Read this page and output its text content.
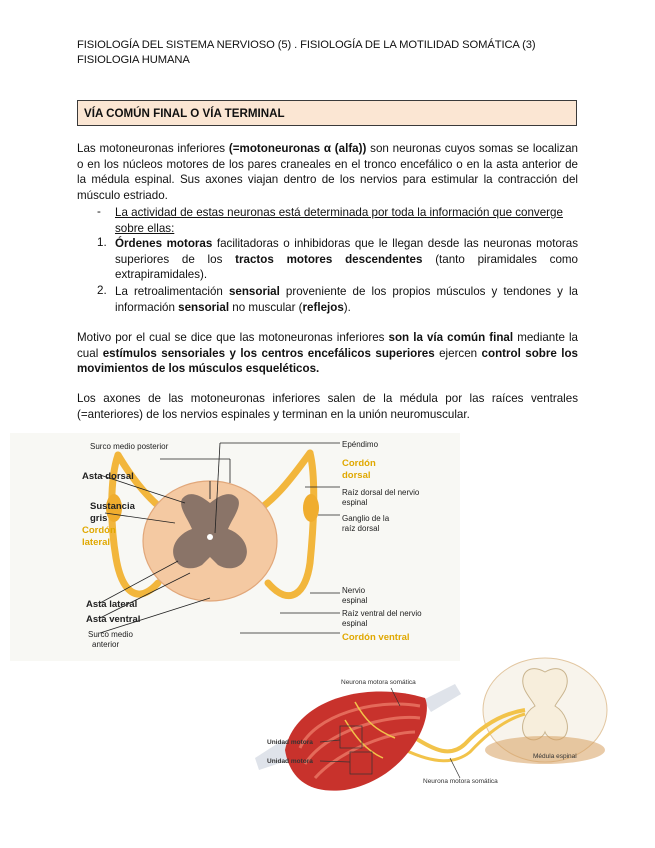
FISIOLOGÍA DEL SISTEMA NERVIOSO (5) . FISIOLOGÍA DE LA MOTILIDAD SOMÁTICA (3)
FISIOLOGIA HUMANA
VÍA COMÚN FINAL O VÍA TERMINAL
Las motoneuronas inferiores (=motoneuronas α (alfa)) son neuronas cuyos somas se localizan o en los núcleos motores de los pares craneales en el tronco encefálico o en la asta anterior de la médula espinal. Sus axones viajan dentro de los nervios para estimular la contracción del músculo estriado.
- La actividad de estas neuronas está determinada por toda la información que converge sobre ellas:
1. Órdenes motoras facilitadoras o inhibidoras que le llegan desde las neuronas motoras superiores de los tractos motores descendentes (tanto piramidales como extrapiramidales).
2. La retroalimentación sensorial proveniente de los propios músculos y tendones y la información sensorial no muscular (reflejos).
Motivo por el cual se dice que las motoneuronas inferiores son la vía común final mediante la cual estímulos sensoriales y los centros encefálicos superiores ejercen control sobre los movimientos de los músculos esqueléticos.
Los axones de las motoneuronas inferiores salen de la médula por las raíces ventrales (=anteriores) de los nervios espinales y terminan en la unión neuromuscular.
Surco medio posterior
Asta dorsal
Sustancia
gris
Cordón
lateral
Asta lateral
Asta ventral
Surco medio
anterior
Epéndimo
Cordón
dorsal
Raíz dorsal del nervio
espinal
Ganglio de la
raíz dorsal
Nervio
espinal
Raíz ventral del nervio
espinal
Cordón ventral
Neurona motora somática
Unidad motora
Unidad motora
Neurona motora somática
Médula espinal
